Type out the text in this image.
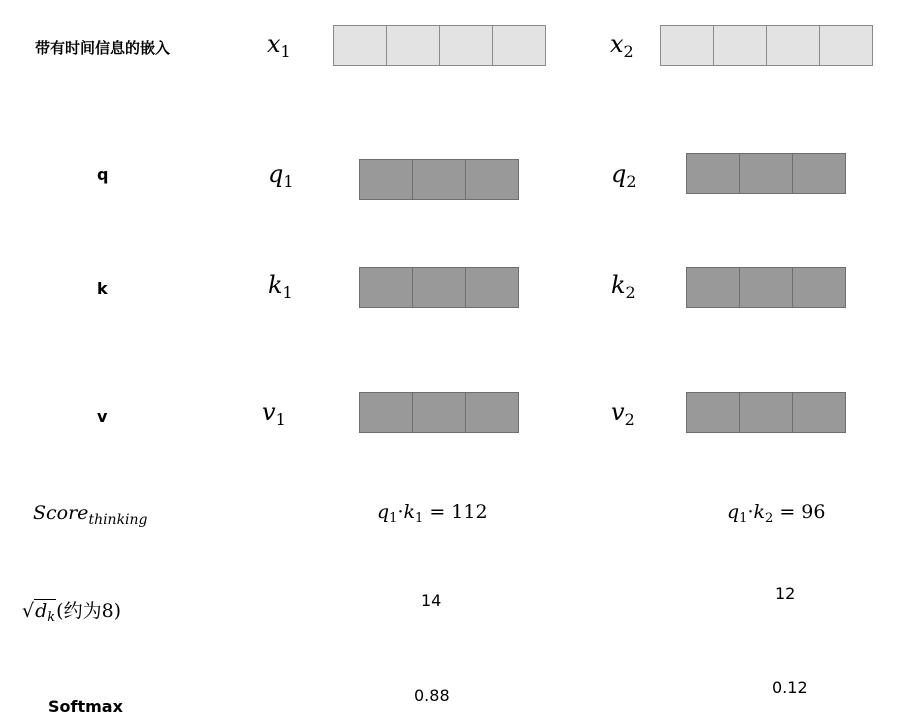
带有时间信息的嵌入
q
k
v
Score$_{thinking}$
$√d_k$(约为8)
Softmax
$x_1$
$q_1$
$k_1$
$v_1$
$q_1\cdot k_1 = 112$
14
0.88
$x_2$
$q_2$
$k_2$
$v_2$
$q_1\cdot k_2 = 96$
12
0.12
